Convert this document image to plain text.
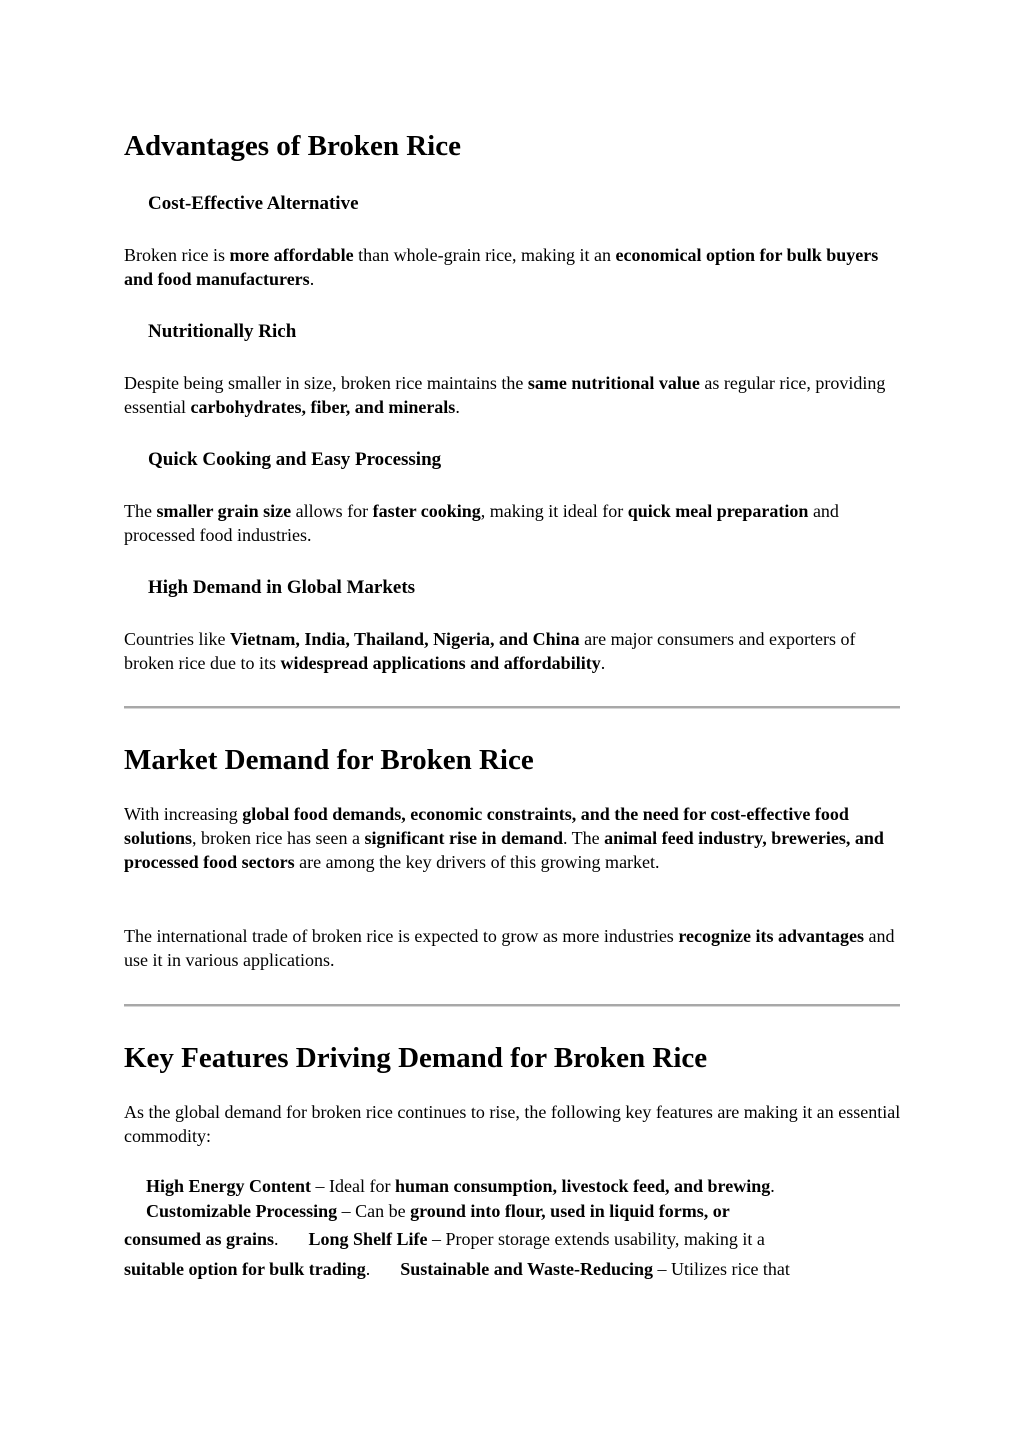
Advantages of Broken Rice
Cost-Effective Alternative

Broken rice is more affordable than whole-grain rice, making it an economical option for bulk buyers and food manufacturers.

Nutritionally Rich

Despite being smaller in size, broken rice maintains the same nutritional value as regular rice, providing essential carbohydrates, fiber, and minerals.

Quick Cooking and Easy Processing

The smaller grain size allows for faster cooking, making it ideal for quick meal preparation and processed food industries.

High Demand in Global Markets

Countries like Vietnam, India, Thailand, Nigeria, and China are major consumers and exporters of broken rice due to its widespread applications and affordability.

Market Demand for Broken Rice

With increasing global food demands, economic constraints, and the need for cost-effective food solutions, broken rice has seen a significant rise in demand. The animal feed industry, breweries, and processed food sectors are among the key drivers of this growing market.

The international trade of broken rice is expected to grow as more industries recognize its advantages and use it in various applications.

Key Features Driving Demand for Broken Rice

As the global demand for broken rice continues to rise, the following key features are making it an essential commodity:

High Energy Content – Ideal for human consumption, livestock feed, and brewing.
Customizable Processing – Can be ground into flour, used in liquid forms, or
consumed as grains. Long Shelf Life – Proper storage extends usability, making it a
suitable option for bulk trading. Sustainable and Waste-Reducing – Utilizes rice that
